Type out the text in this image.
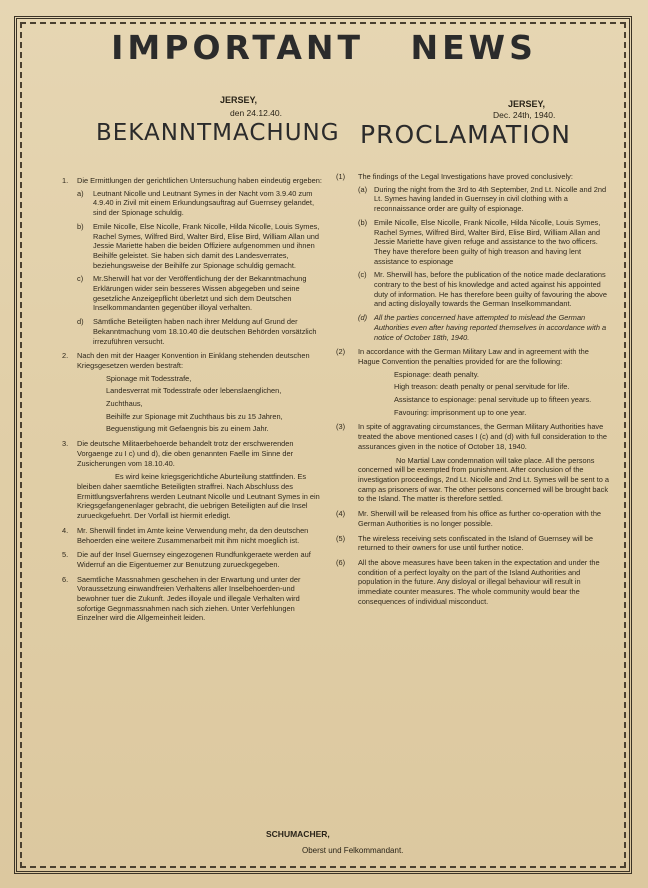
IMPORTANT   NEWS
JERSEY,
den 24.12.40.
JERSEY,
Dec. 24th, 1940.
BEKANNTMACHUNG PROCLAMATION
1.	Die Ermittlungen der gerichtlichen Untersuchung haben eindeutig ergeben:
a) Leutnant Nicolle und Leutnant Symes in der Nacht vom 3.9.40 zum 4.9.40 in Zivil mit einem Erkundungsauftrag auf Guernsey gelandet, sind der Spionage schuldig.
b) Emile Nicolle, Else Nicolle, Frank Nicolle, Hilda Nicolle, Louis Symes, Rachel Symes, Wilfred Bird, Walter Bird, Elise Bird, William Allan und Jessie Mariette haben die beiden Offiziere aufgenommen und ihnen Beihilfe geleistet. Sie haben sich damit des Landesverrates, beziehungsweise der Beihilfe zur Spionage schuldig gemacht.
c) Mr.Sherwill hat vor der Veröffentlichung der der Bekanntmachung Erklärungen wider sein besseres Wissen abgegeben und seine gesetzliche Anzeigepflicht überletzt und sich dem Deutschen Inselkommandanten gegenüber illoyal verhalten.
d) Sämtliche Beteiligten haben nach ihrer Meldung auf Grund der Bekanntmachung vom 18.10.40 die deutschen Behörden vorsätzlich irrezuführen versucht.
2.	Nach den mit der Haager Konvention in Einklang stehenden deutschen Kriegsgesetzen werden bestraft:
Spionage mit Todesstrafe,
Landesverrat mit Todesstrafe oder lebenslaenglichen,
Zuchthaus,
Beihilfe zur Spionage mit Zuchthaus bis zu 15 Jahren,
Beguenstigung mit Gefaengnis bis zu einem Jahr.
3.	Die deutsche Militaerbehoerde behandelt trotz der erschwerenden Vorgaenge zu I c) und d), die oben genannten Faelle im Sinne der Zusicherungen vom 18.10.40.
Es wird keine kriegsgerichtliche Aburteilung stattfinden. Es bleiben daher saemtliche Beteiligten straffrei. Nach Abschluss des Ermittlungsverfahrens werden Leutnant Nicolle und Leutnant Symes in ein Kriegsgefangenenlager gebracht, die uebrigen Beteiligten auf die Insel zurueckgefuehrt. Der Vorfall ist hiermit erledigt.
4.	Mr. Sherwill findet im Amte keine Verwendung mehr, da den deutschen Behoerden eine weitere Zusammenarbeit mit ihm nicht moeglich ist.
5.	Die auf der Insel Guernsey eingezogenen Rundfunkgeraete werden auf Widerruf an die Eigentuemer zur Benutzung zurueckgegeben.
6.	Saemtliche Massnahmen geschehen in der Erwartung und unter der Voraussetzung einwandfreien Verhaltens aller Inselbehoerden-und bewohner tuer die Zukunft. Jedes illoyale und illegale Verhalten wird sofortige Gegnmassnahmen nach sich ziehen. Unter Verfehlungen Einzelner wird die Allgemeinheit leiden.
(1)	The findings of the Legal Investigations have proved conclusively:
(a) During the night from the 3rd to 4th September, 2nd Lt. Nicolle and 2nd Lt. Symes having landed in Guernsey in civil clothing with a reconnaissance order are guilty of espionage.
(b) Emile Nicolle, Else Nicolle, Frank Nicolle, Hilda Nicolle, Louis Symes, Rachel Symes, Wilfred Bird, Walter Bird, Elise Bird, William Allan and Jessie Mariette have given refuge and assistance to the two officers. They have therefore been guilty of high treason and having lent assistance to espionage
(c) Mr. Sherwill has, before the publication of the notice made declarations contrary to the best of his knowledge and acted against his appointed duty of information. He has therefore been guilty of favouring the above and acting disloyally towards the German Inselkommandant.
(d) All the parties concerned have attempted to mislead the German Authorities even after having reported themselves in accordance with a notice of October 18th, 1940.
(2)	In accordance with the German Military Law and in agreement with the Hague Convention the penalties provided for are the following:
Espionage: death penalty.
High treason: death penalty or penal servitude for life.
Assistance to espionage: penal servitude up to fifteen years.
Favouring: imprisonment up to one year.
(3)	In spite of aggravating circumstances, the German Military Authorities have treated the above mentioned cases I (c) and (d) with full consideration to the assurances given in the notice of October 18, 1940.
No Martial Law condemnation will take place. All the persons concerned will be exempted from punishment. After conclusion of the investigation proceedings, 2nd Lt. Nicolle and 2nd Lt. Symes will be sent to a camp as prisoners of war. The other persons concerned will be brought back to the Island. The matter is therefore settled.
(4)	Mr. Sherwill will be released from his office as further co-operation with the German Authorities is no longer possible.
(5)	The wireless receiving sets confiscated in the Island of Guernsey will be returned to their owners for use until further notice.
(6)	All the above measures have been taken in the expectation and under the condition of a perfect loyalty on the part of the Island Authorities and population in the future. Any disloyal or illegal behaviour will result in immediate counter measures. The whole community would bear the consequences of individual misconduct.
SCHUMACHER,
Oberst und Felkommandant.
